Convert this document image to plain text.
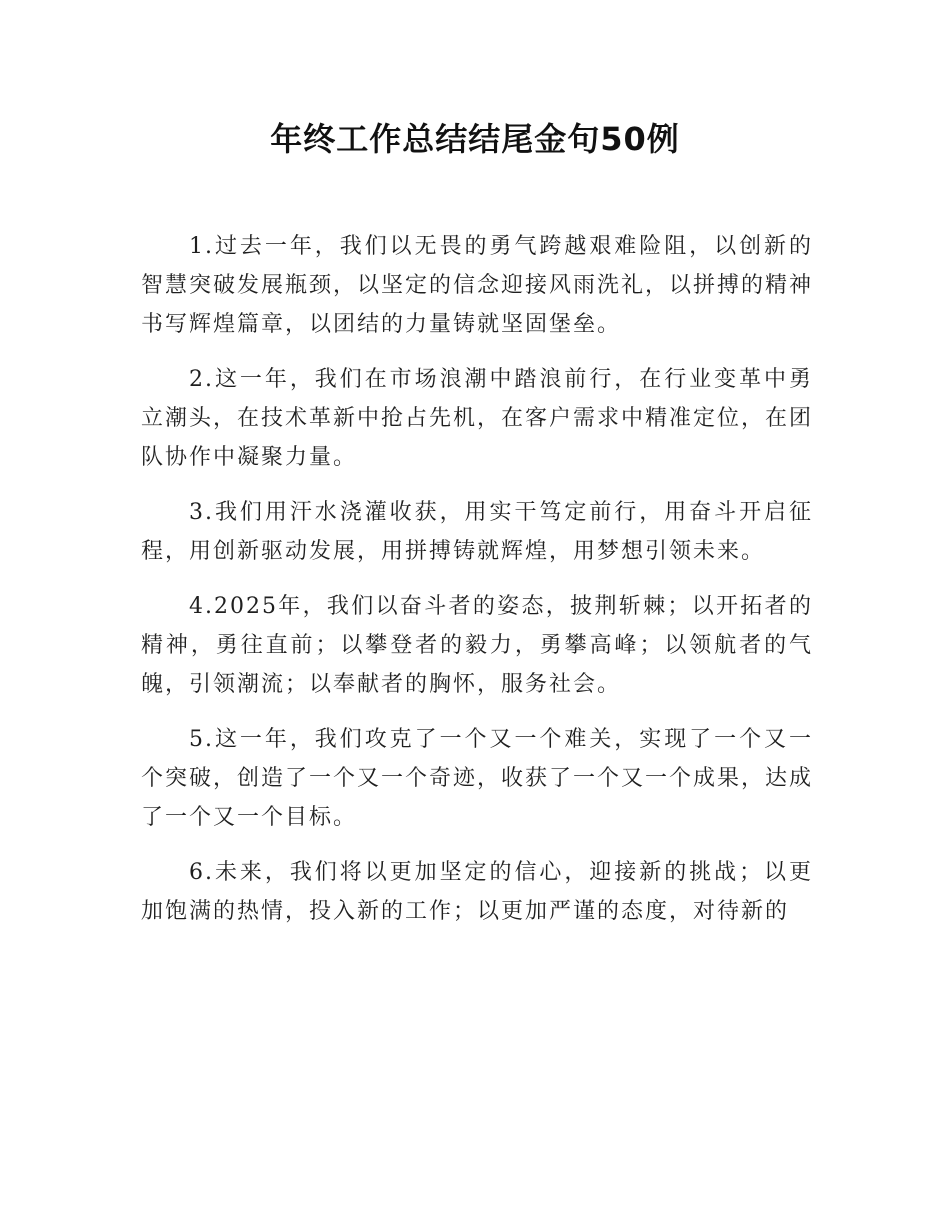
年终工作总结结尾金句50例

1.过去一年，我们以无畏的勇气跨越艰难险阻，以创新的智慧突破发展瓶颈，以坚定的信念迎接风雨洗礼，以拼搏的精神书写辉煌篇章，以团结的力量铸就坚固堡垒。

2.这一年，我们在市场浪潮中踏浪前行，在行业变革中勇立潮头，在技术革新中抢占先机，在客户需求中精准定位，在团队协作中凝聚力量。

3.我们用汗水浇灌收获，用实干笃定前行，用奋斗开启征程，用创新驱动发展，用拼搏铸就辉煌，用梦想引领未来。

4.2025年，我们以奋斗者的姿态，披荆斩棘；以开拓者的精神，勇往直前；以攀登者的毅力，勇攀高峰；以领航者的气魄，引领潮流；以奉献者的胸怀，服务社会。

5.这一年，我们攻克了一个又一个难关，实现了一个又一个突破，创造了一个又一个奇迹，收获了一个又一个成果，达成了一个又一个目标。

6.未来，我们将以更加坚定的信心，迎接新的挑战；以更加饱满的热情，投入新的工作；以更加严谨的态度，对待新的
